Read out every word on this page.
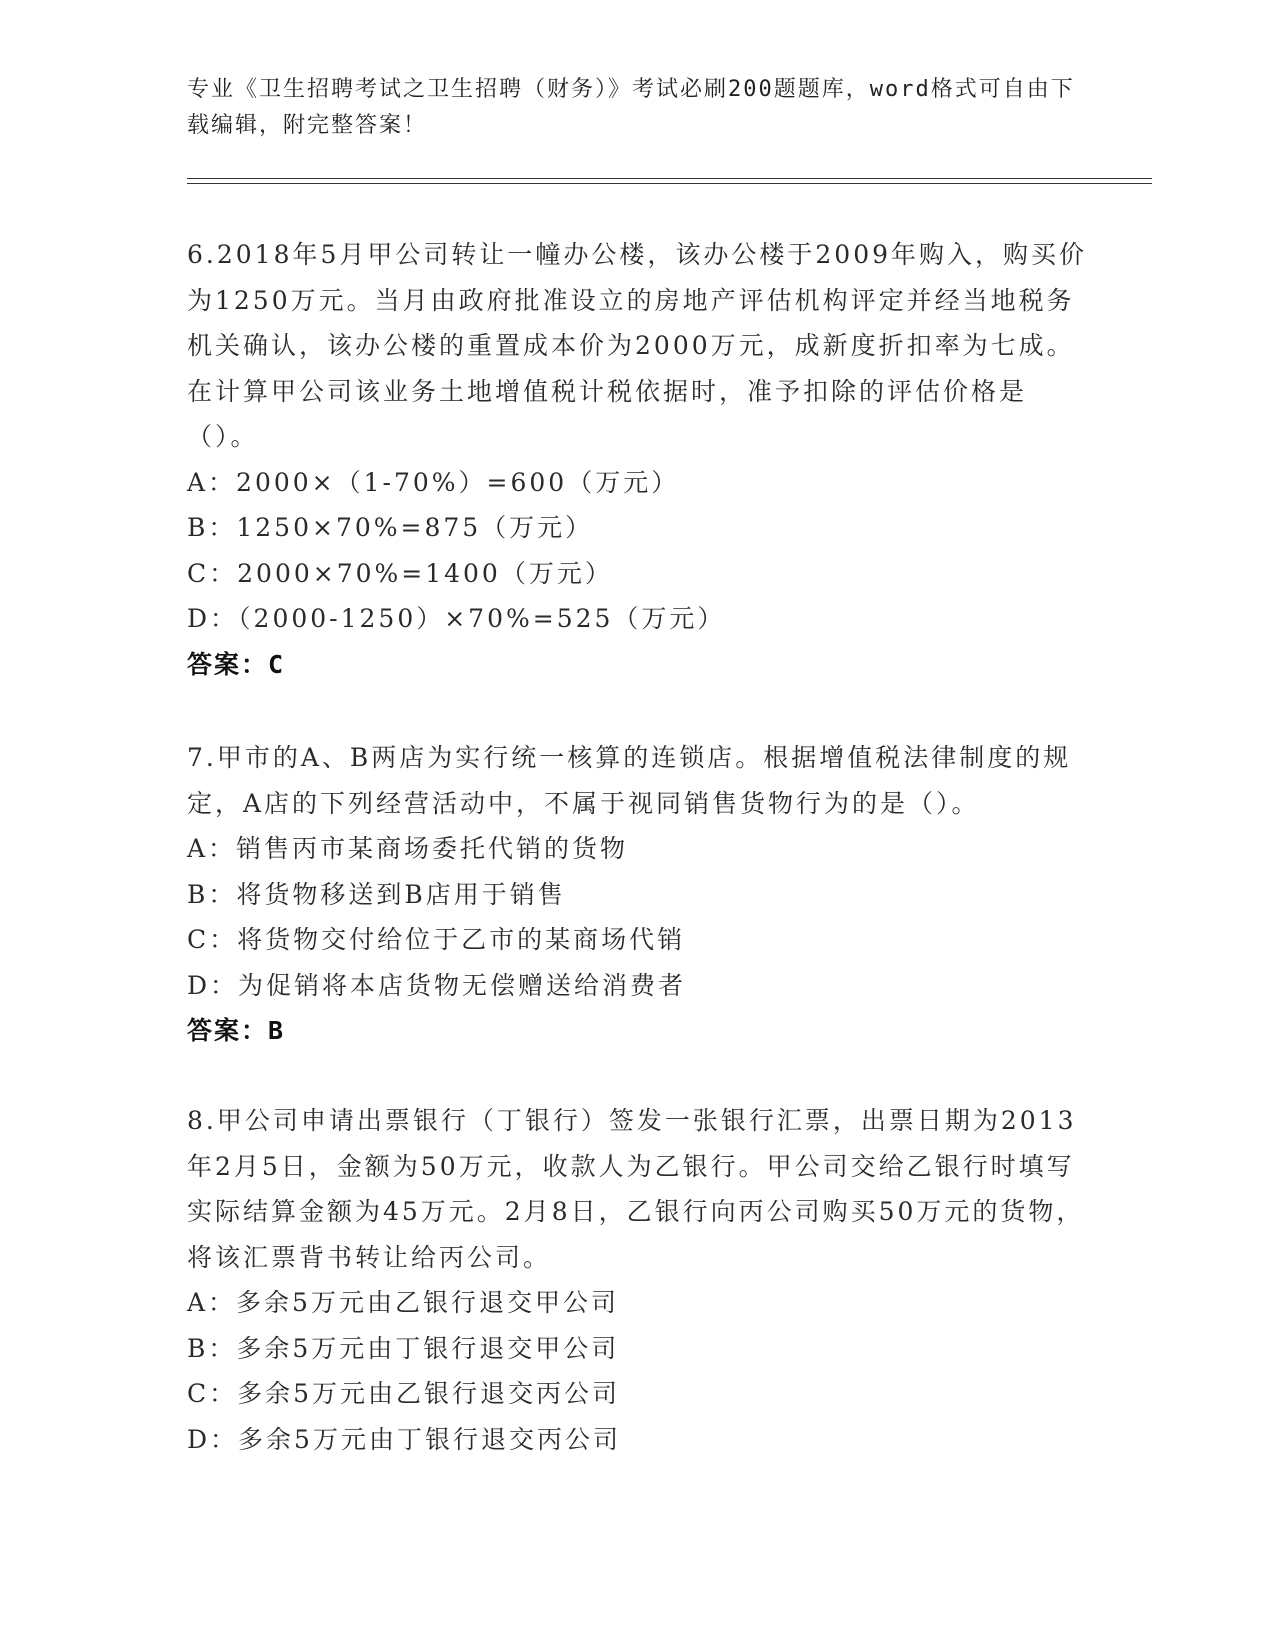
专业《卫生招聘考试之卫生招聘（财务）》考试必刷200题题库，word格式可自由下载编辑，附完整答案！
6.2018年5月甲公司转让一幢办公楼，该办公楼于2009年购入，购买价为1250万元。当月由政府批准设立的房地产评估机构评定并经当地税务机关确认，该办公楼的重置成本价为2000万元，成新度折扣率为七成。在计算甲公司该业务土地增值税计税依据时，准予扣除的评估价格是（）。
A：2000×（1-70%）=600（万元）
B：1250×70%=875（万元）
C：2000×70%=1400（万元）
D：（2000-1250）×70%=525（万元）
答案：C
7.甲市的A、B两店为实行统一核算的连锁店。根据增值税法律制度的规定，A店的下列经营活动中，不属于视同销售货物行为的是（）。
A：销售丙市某商场委托代销的货物
B：将货物移送到B店用于销售
C：将货物交付给位于乙市的某商场代销
D：为促销将本店货物无偿赠送给消费者
答案：B
8.甲公司申请出票银行（丁银行）签发一张银行汇票，出票日期为2013年2月5日，金额为50万元，收款人为乙银行。甲公司交给乙银行时填写实际结算金额为45万元。2月8日，乙银行向丙公司购买50万元的货物，将该汇票背书转让给丙公司。
A：多余5万元由乙银行退交甲公司
B：多余5万元由丁银行退交甲公司
C：多余5万元由乙银行退交丙公司
D：多余5万元由丁银行退交丙公司
